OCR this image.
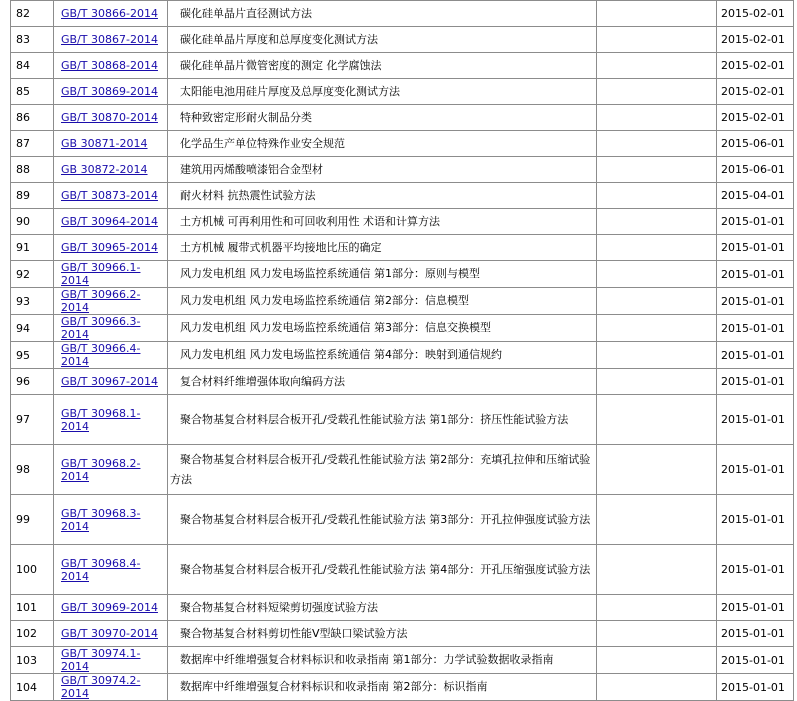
82	GB/T 30866-2014	碳化硅单晶片直径测试方法		2015-02-01
83	GB/T 30867-2014	碳化硅单晶片厚度和总厚度变化测试方法		2015-02-01
84	GB/T 30868-2014	碳化硅单晶片微管密度的测定 化学腐蚀法		2015-02-01
85	GB/T 30869-2014	太阳能电池用硅片厚度及总厚度变化测试方法		2015-02-01
86	GB/T 30870-2014	特种致密定形耐火制品分类		2015-02-01
87	GB 30871-2014	化学品生产单位特殊作业安全规范		2015-06-01
88	GB 30872-2014	建筑用丙烯酸喷漆铝合金型材		2015-06-01
89	GB/T 30873-2014	耐火材料 抗热震性试验方法		2015-04-01
90	GB/T 30964-2014	土方机械 可再利用性和可回收利用性 术语和计算方法		2015-01-01
91	GB/T 30965-2014	土方机械 履带式机器平均接地比压的确定		2015-01-01
92	GB/T 30966.1-2014	风力发电机组 风力发电场监控系统通信 第1部分：原则与模型		2015-01-01
93	GB/T 30966.2-2014	风力发电机组 风力发电场监控系统通信 第2部分：信息模型		2015-01-01
94	GB/T 30966.3-2014	风力发电机组 风力发电场监控系统通信 第3部分：信息交换模型		2015-01-01
95	GB/T 30966.4-2014	风力发电机组 风力发电场监控系统通信 第4部分：映射到通信规约		2015-01-01
96	GB/T 30967-2014	复合材料纤维增强体取向编码方法		2015-01-01
97	GB/T 30968.1-2014	聚合物基复合材料层合板开孔/受载孔性能试验方法 第1部分：挤压性能试验方法		2015-01-01
98	GB/T 30968.2-2014	聚合物基复合材料层合板开孔/受载孔性能试验方法 第2部分：充填孔拉伸和压缩试验方法		2015-01-01
99	GB/T 30968.3-2014	聚合物基复合材料层合板开孔/受载孔性能试验方法 第3部分：开孔拉伸强度试验方法		2015-01-01
100	GB/T 30968.4-2014	聚合物基复合材料层合板开孔/受载孔性能试验方法 第4部分：开孔压缩强度试验方法		2015-01-01
101	GB/T 30969-2014	聚合物基复合材料短梁剪切强度试验方法		2015-01-01
102	GB/T 30970-2014	聚合物基复合材料剪切性能V型缺口梁试验方法		2015-01-01
103	GB/T 30974.1-2014	数据库中纤维增强复合材料标识和收录指南 第1部分：力学试验数据收录指南		2015-01-01
104	GB/T 30974.2-2014	数据库中纤维增强复合材料标识和收录指南 第2部分：标识指南		2015-01-01
